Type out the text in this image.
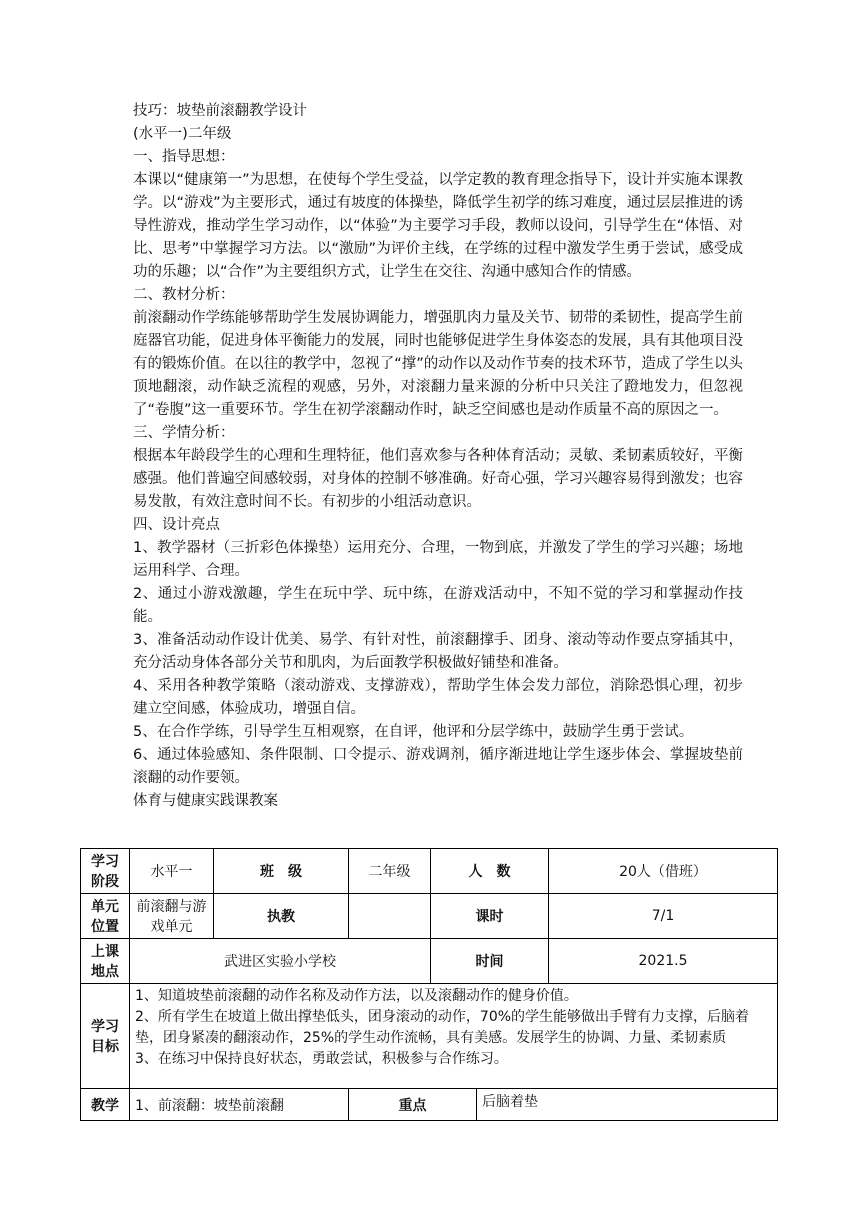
技巧：坡垫前滚翻教学设计

(水平一)二年级

一、指导思想：

本课以“健康第一”为思想，在使每个学生受益，以学定教的教育理念指导下，设计并实施本课教学。以“游戏”为主要形式，通过有坡度的体操垫，降低学生初学的练习难度，通过层层推进的诱导性游戏，推动学生学习动作，以“体验”为主要学习手段，教师以设问，引导学生在“体悟、对比、思考”中掌握学习方法。以“激励”为评价主线，在学练的过程中激发学生勇于尝试，感受成功的乐趣；以“合作”为主要组织方式，让学生在交往、沟通中感知合作的情感。

二、教材分析：

前滚翻动作学练能够帮助学生发展协调能力，增强肌肉力量及关节、韧带的柔韧性，提高学生前庭器官功能，促进身体平衡能力的发展，同时也能够促进学生身体姿态的发展，具有其他项目没有的锻炼价值。在以往的教学中，忽视了“撑”的动作以及动作节奏的技术环节，造成了学生以头顶地翻滚，动作缺乏流程的观感，另外，对滚翻力量来源的分析中只关注了蹬地发力，但忽视了“卷腹”这一重要环节。学生在初学滚翻动作时，缺乏空间感也是动作质量不高的原因之一。

三、学情分析：

根据本年龄段学生的心理和生理特征，他们喜欢参与各种体育活动；灵敏、柔韧素质较好，平衡感强。他们普遍空间感较弱，对身体的控制不够准确。好奇心强，学习兴趣容易得到激发；也容易发散，有效注意时间不长。有初步的小组活动意识。

四、设计亮点

1、教学器材（三折彩色体操垫）运用充分、合理，一物到底，并激发了学生的学习兴趣；场地运用科学、合理。

2、通过小游戏激趣，学生在玩中学、玩中练，在游戏活动中，不知不觉的学习和掌握动作技能。

3、准备活动动作设计优美、易学、有针对性，前滚翻撑手、团身、滚动等动作要点穿插其中，充分活动身体各部分关节和肌肉，为后面教学积极做好铺垫和准备。

4、采用各种教学策略（滚动游戏、支撑游戏），帮助学生体会发力部位，消除恐惧心理，初步建立空间感，体验成功，增强自信。

5、在合作学练，引导学生互相观察，在自评，他评和分层学练中，鼓励学生勇于尝试。

6、通过体验感知、条件限制、口令提示、游戏调剂，循序渐进地让学生逐步体会、掌握坡垫前滚翻的动作要领。

体育与健康实践课教案

学习阶段	水平一	班　级	二年级	人　数		20人（借班）
单元位置	前滚翻与游戏单元	执教		课时		7/1
上课地点	武进区实验小学校			时间		2021.5
学习目标	1、知道坡垫前滚翻的动作名称及动作方法，以及滚翻动作的健身价值。

2、所有学生在坡道上做出撑垫低头，团身滚动的动作，70%的学生能够做出手臂有力支撑，后脑着垫，团身紧凑的翻滚动作，25%的学生动作流畅，具有美感。发展学生的协调、力量、柔韧素质

3、在练习中保持良好状态，勇敢尝试，积极参与合作练习。					

教学	1、前滚翻：坡垫前滚翻		重点		后脑着垫	
